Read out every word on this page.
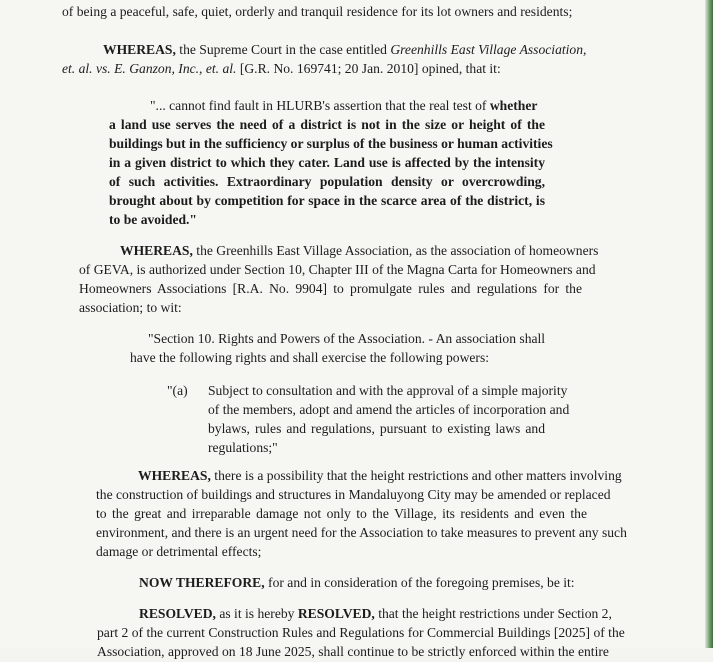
of being a peaceful, safe, quiet, orderly and tranquil residence for its lot owners and residents;
WHEREAS, the Supreme Court in the case entitled Greenhills East Village Association,
et. al. vs. E. Ganzon, Inc., et. al. [G.R. No. 169741; 20 Jan. 2010] opined, that it:
"... cannot find fault in HLURB's assertion that the real test of whether
a land use serves the need of a district is not in the size or height of the
buildings but in the sufficiency or surplus of the business or human activities
in a given district to which they cater. Land use is affected by the intensity
of such activities. Extraordinary population density or overcrowding,
brought about by competition for space in the scarce area of the district, is
to be avoided."
WHEREAS, the Greenhills East Village Association, as the association of homeowners
of GEVA, is authorized under Section 10, Chapter III of the Magna Carta for Homeowners and
Homeowners Associations [R.A. No. 9904] to promulgate rules and regulations for the
association; to wit:
"Section 10. Rights and Powers of the Association. - An association shall
have the following rights and shall exercise the following powers:
"(a) Subject to consultation and with the approval of a simple majority
of the members, adopt and amend the articles of incorporation and
bylaws, rules and regulations, pursuant to existing laws and
regulations;"
WHEREAS, there is a possibility that the height restrictions and other matters involving
the construction of buildings and structures in Mandaluyong City may be amended or replaced
to the great and irreparable damage not only to the Village, its residents and even the
environment, and there is an urgent need for the Association to take measures to prevent any such
damage or detrimental effects;
NOW THEREFORE, for and in consideration of the foregoing premises, be it:
RESOLVED, as it is hereby RESOLVED, that the height restrictions under Section 2,
part 2 of the current Construction Rules and Regulations for Commercial Buildings [2025] of the
Association, approved on 18 June 2025, shall continue to be strictly enforced within the entire
